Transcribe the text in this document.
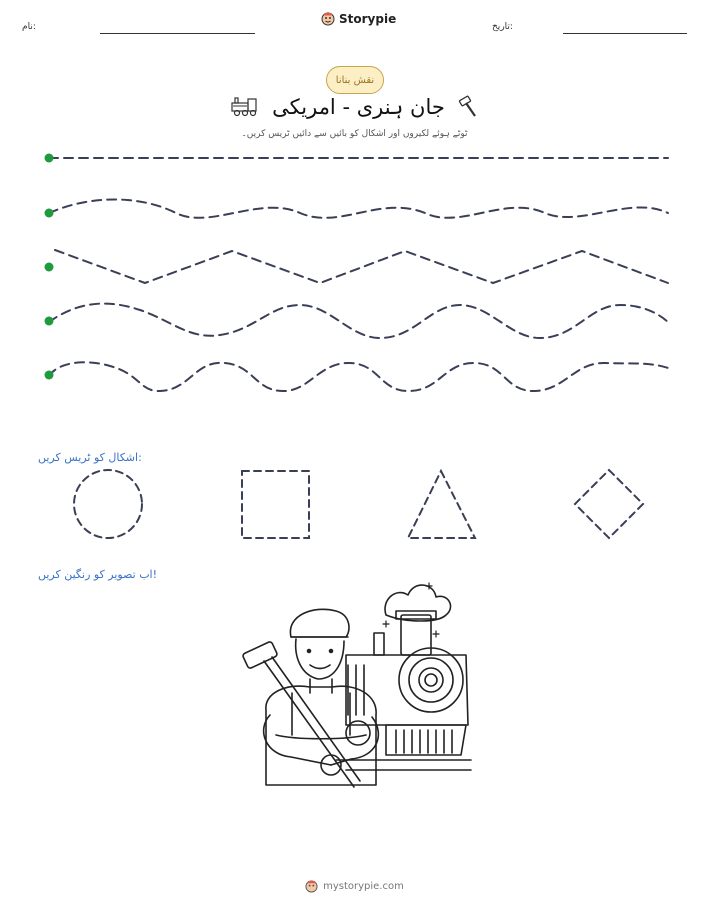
نام:
Storypie
تاریخ:
نقش بنانا
جان ہنری - امریکی
ٹوٹے ہوئے لکیروں اور اشکال کو بائیں سے دائیں ٹریس کریں۔
اشکال کو ٹریس کریں:
اب تصویر کو رنگین کریں!
mystorypie.com
